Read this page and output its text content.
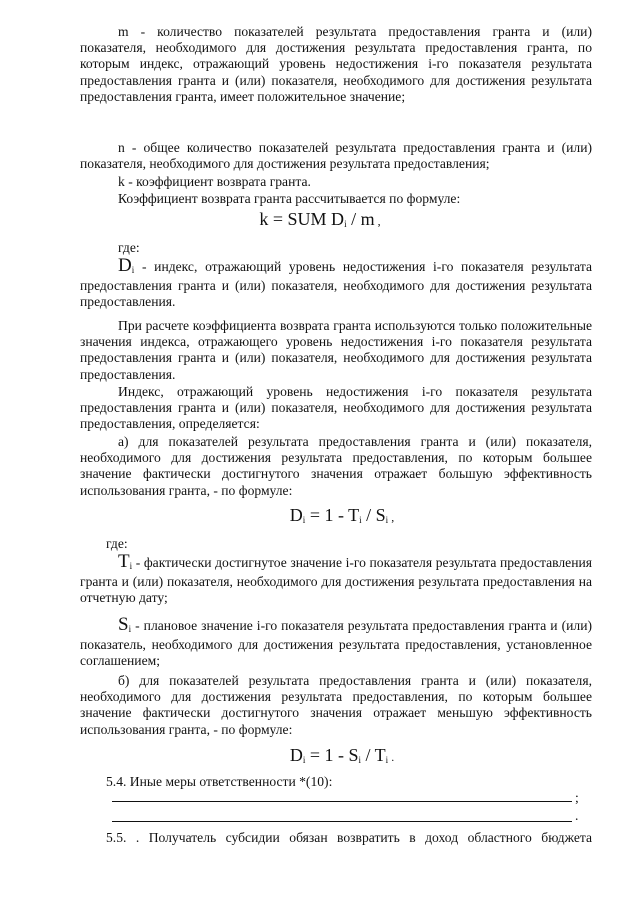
m - количество показателей результата предоставления гранта и (или) показателя, необходимого для достижения результата предоставления гранта, по которым индекс, отражающий уровень недостижения i-го показателя результата предоставления гранта и (или) показателя, необходимого для достижения результата предоставления гранта, имеет положительное значение;

n - общее количество показателей результата предоставления гранта и (или) показателя, необходимого для достижения результата предоставления;

k - коэффициент возврата гранта.

Коэффициент возврата гранта рассчитывается по формуле:

k = SUM $D_i$ / m ,

где:

$D_i$ - индекс, отражающий уровень недостижения i-го показателя результата предоставления гранта и (или) показателя, необходимого для достижения результата предоставления.

При расчете коэффициента возврата гранта используются только положительные значения индекса, отражающего уровень недостижения i-го показателя результата предоставления гранта и (или) показателя, необходимого для достижения результата предоставления.

Индекс, отражающий уровень недостижения i-го показателя результата предоставления гранта и (или) показателя, необходимого для достижения результата предоставления, определяется:

а) для показателей результата предоставления гранта и (или) показателя, необходимого для достижения результата предоставления, по которым большее значение фактически достигнутого значения отражает большую эффективность использования гранта, - по формуле:

$D_i = 1 - T_i / S_i$ ,

где:

$T_i$ - фактически достигнутое значение i-го показателя результата предоставления гранта и (или) показателя, необходимого для достижения результата предоставления на отчетную дату;

$S_i$ - плановое значение i-го показателя результата предоставления гранта и (или) показатель, необходимого для достижения результата предоставления, установленное соглашением;

б) для показателей результата предоставления гранта и (или) показателя, необходимого для достижения результата предоставления, по которым большее значение фактически достигнутого значения отражает меньшую эффективность использования гранта, - по формуле:

$D_i = 1 - S_i / T_i$ .

5.4. Иные меры ответственности *(10):

;
.

5.5. . Получатель субсидии обязан возвратить в доход областного бюджета
